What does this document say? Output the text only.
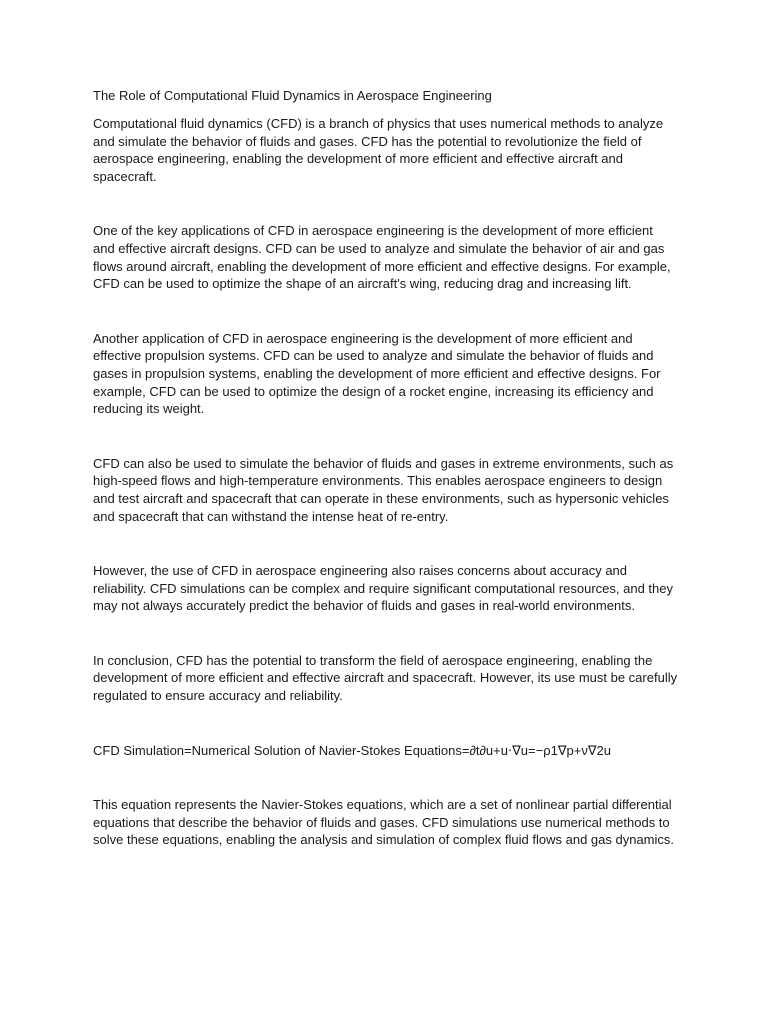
The Role of Computational Fluid Dynamics in Aerospace Engineering

Computational fluid dynamics (CFD) is a branch of physics that uses numerical methods to analyze and simulate the behavior of fluids and gases. CFD has the potential to revolutionize the field of aerospace engineering, enabling the development of more efficient and effective aircraft and spacecraft.

One of the key applications of CFD in aerospace engineering is the development of more efficient and effective aircraft designs. CFD can be used to analyze and simulate the behavior of air and gas flows around aircraft, enabling the development of more efficient and effective designs. For example, CFD can be used to optimize the shape of an aircraft's wing, reducing drag and increasing lift.

Another application of CFD in aerospace engineering is the development of more efficient and effective propulsion systems. CFD can be used to analyze and simulate the behavior of fluids and gases in propulsion systems, enabling the development of more efficient and effective designs. For example, CFD can be used to optimize the design of a rocket engine, increasing its efficiency and reducing its weight.

CFD can also be used to simulate the behavior of fluids and gases in extreme environments, such as high-speed flows and high-temperature environments. This enables aerospace engineers to design and test aircraft and spacecraft that can operate in these environments, such as hypersonic vehicles and spacecraft that can withstand the intense heat of re-entry.

However, the use of CFD in aerospace engineering also raises concerns about accuracy and reliability. CFD simulations can be complex and require significant computational resources, and they may not always accurately predict the behavior of fluids and gases in real-world environments.

In conclusion, CFD has the potential to transform the field of aerospace engineering, enabling the development of more efficient and effective aircraft and spacecraft. However, its use must be carefully regulated to ensure accuracy and reliability.

CFD Simulation=Numerical Solution of Navier-Stokes Equations=∂t∂u+u⋅∇u=−ρ1∇p+ν∇2u

This equation represents the Navier-Stokes equations, which are a set of nonlinear partial differential equations that describe the behavior of fluids and gases. CFD simulations use numerical methods to solve these equations, enabling the analysis and simulation of complex fluid flows and gas dynamics.
